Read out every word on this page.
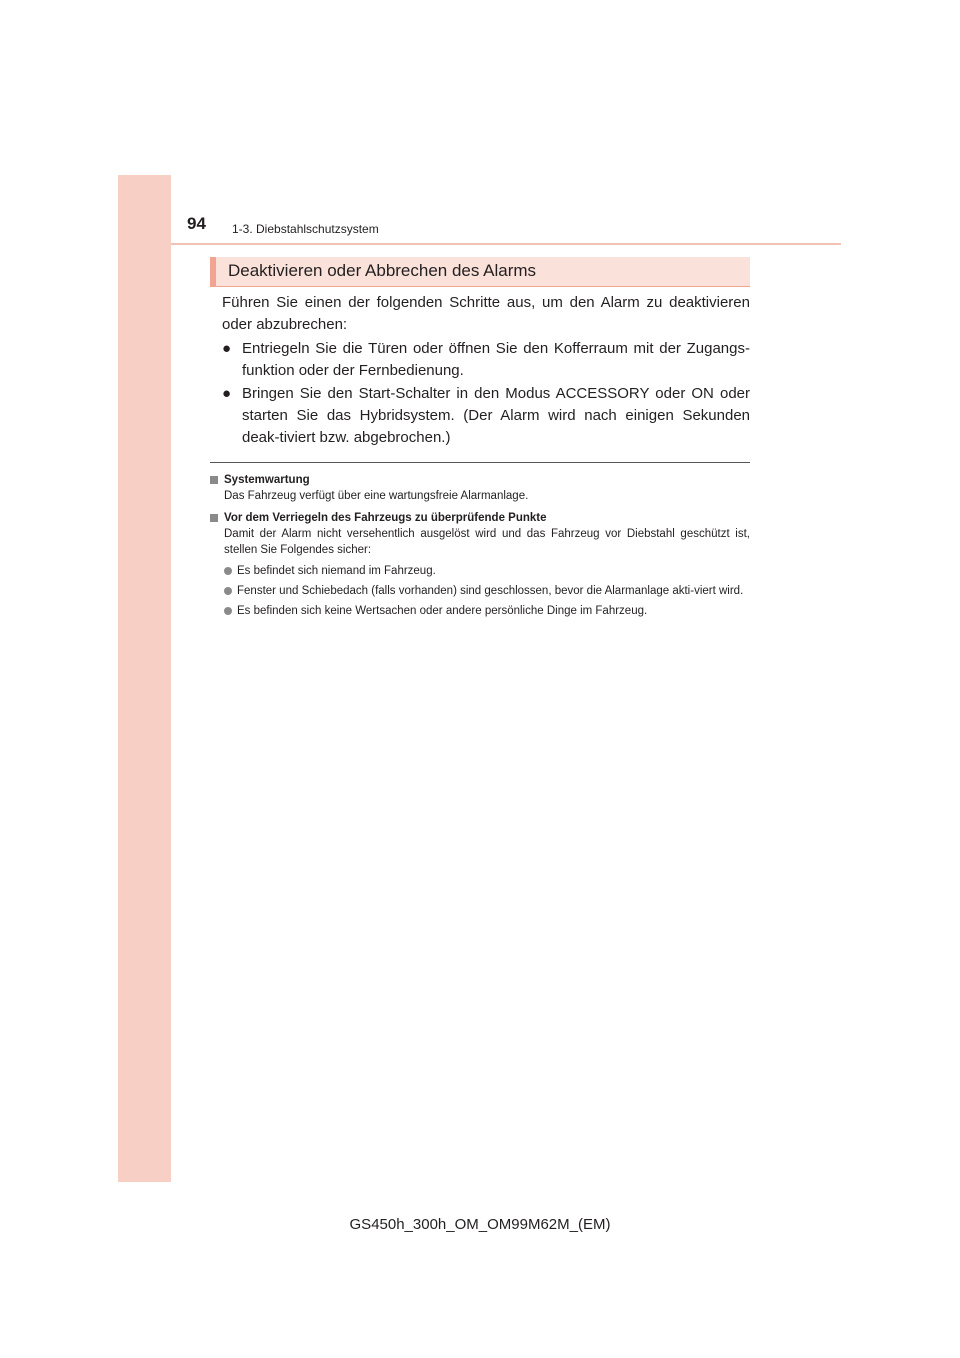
94 1-3. Diebstahlschutzsystem
Deaktivieren oder Abbrechen des Alarms
Führen Sie einen der folgenden Schritte aus, um den Alarm zu deaktivieren oder abzubrechen:
● Entriegeln Sie die Türen oder öffnen Sie den Kofferraum mit der Zugangs-funktion oder der Fernbedienung.
● Bringen Sie den Start-Schalter in den Modus ACCESSORY oder ON oder starten Sie das Hybridsystem. (Der Alarm wird nach einigen Sekunden deak-tiviert bzw. abgebrochen.)
Systemwartung
Das Fahrzeug verfügt über eine wartungsfreie Alarmanlage.
Vor dem Verriegeln des Fahrzeugs zu überprüfende Punkte
Damit der Alarm nicht versehentlich ausgelöst wird und das Fahrzeug vor Diebstahl geschützt ist, stellen Sie Folgendes sicher:
Es befindet sich niemand im Fahrzeug.
Fenster und Schiebedach (falls vorhanden) sind geschlossen, bevor die Alarmanlage akti-viert wird.
Es befinden sich keine Wertsachen oder andere persönliche Dinge im Fahrzeug.
GS450h_300h_OM_OM99M62M_(EM)
